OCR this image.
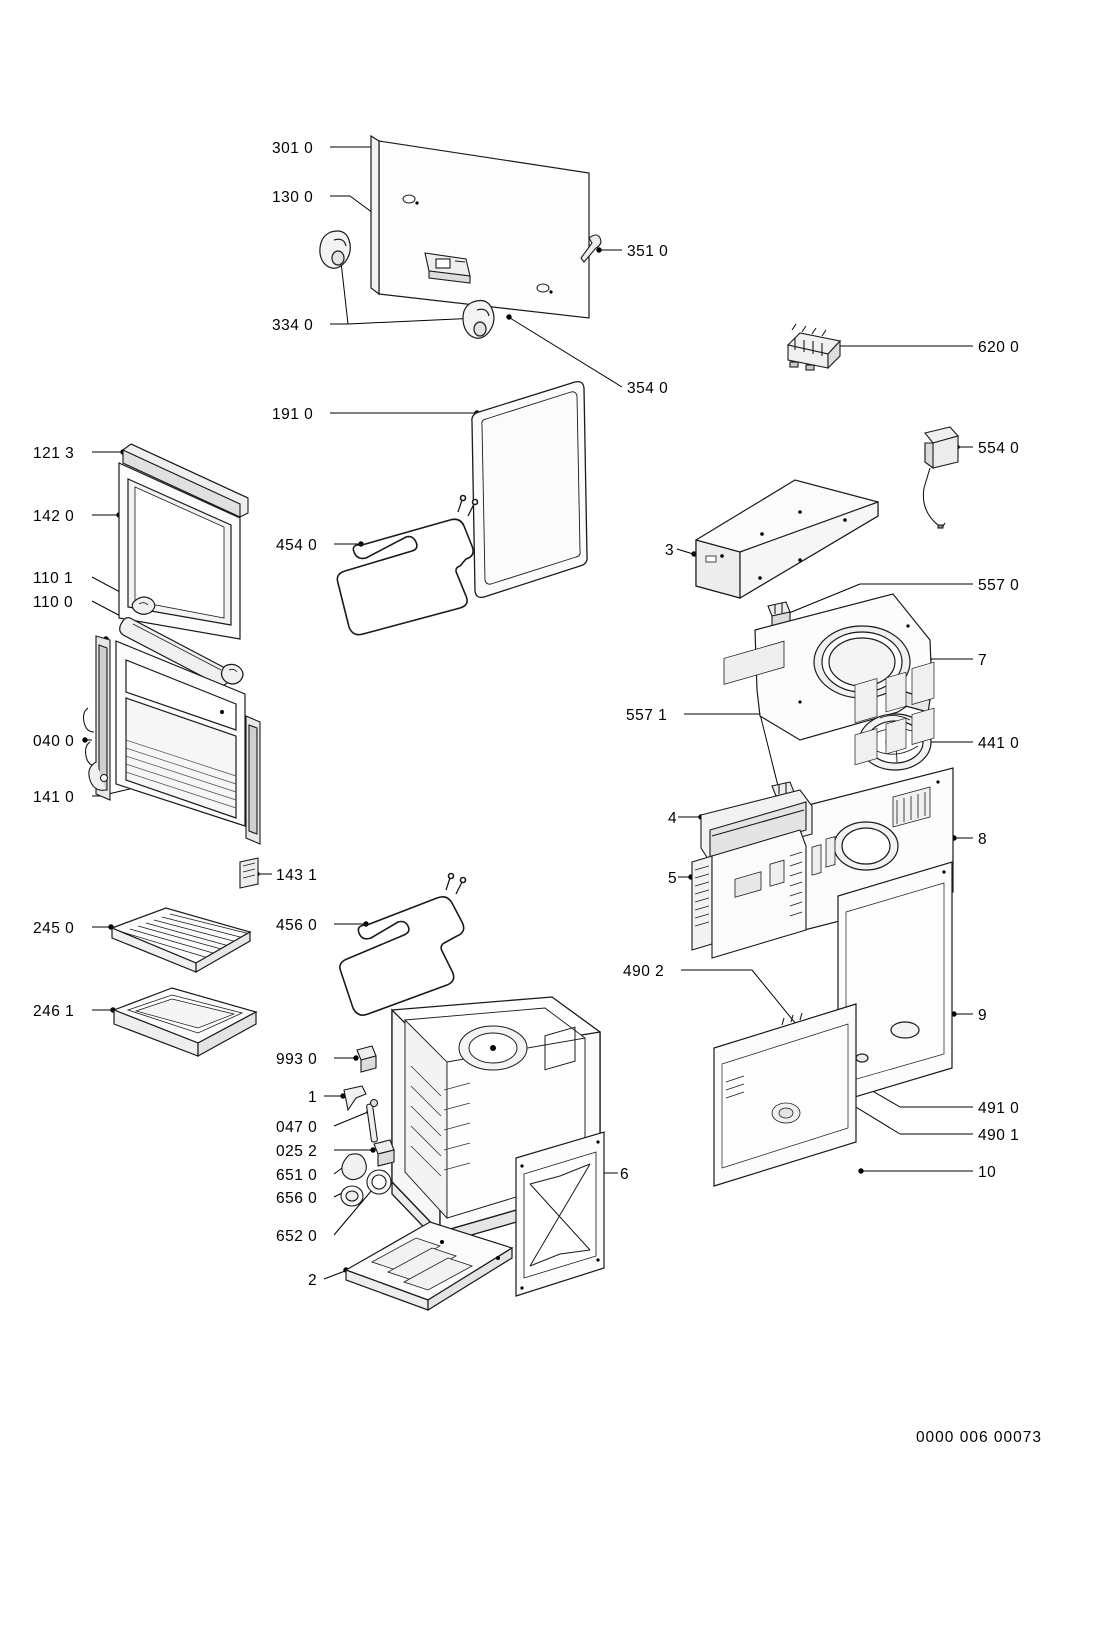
301 0
130 0
351 0
334 0
354 0
620 0
191 0
554 0
121 3
142 0
454 0	3
557 0
110 1
110 0
7
557 1
040 0	441 0
141 0
4
8
5
143 1
245 0	456 0
490 2
9
246 1
993 0
1
047 0
025 2
491 0
490 1
651 0	6
656 0
10
652 0
2
0000 006 00073
